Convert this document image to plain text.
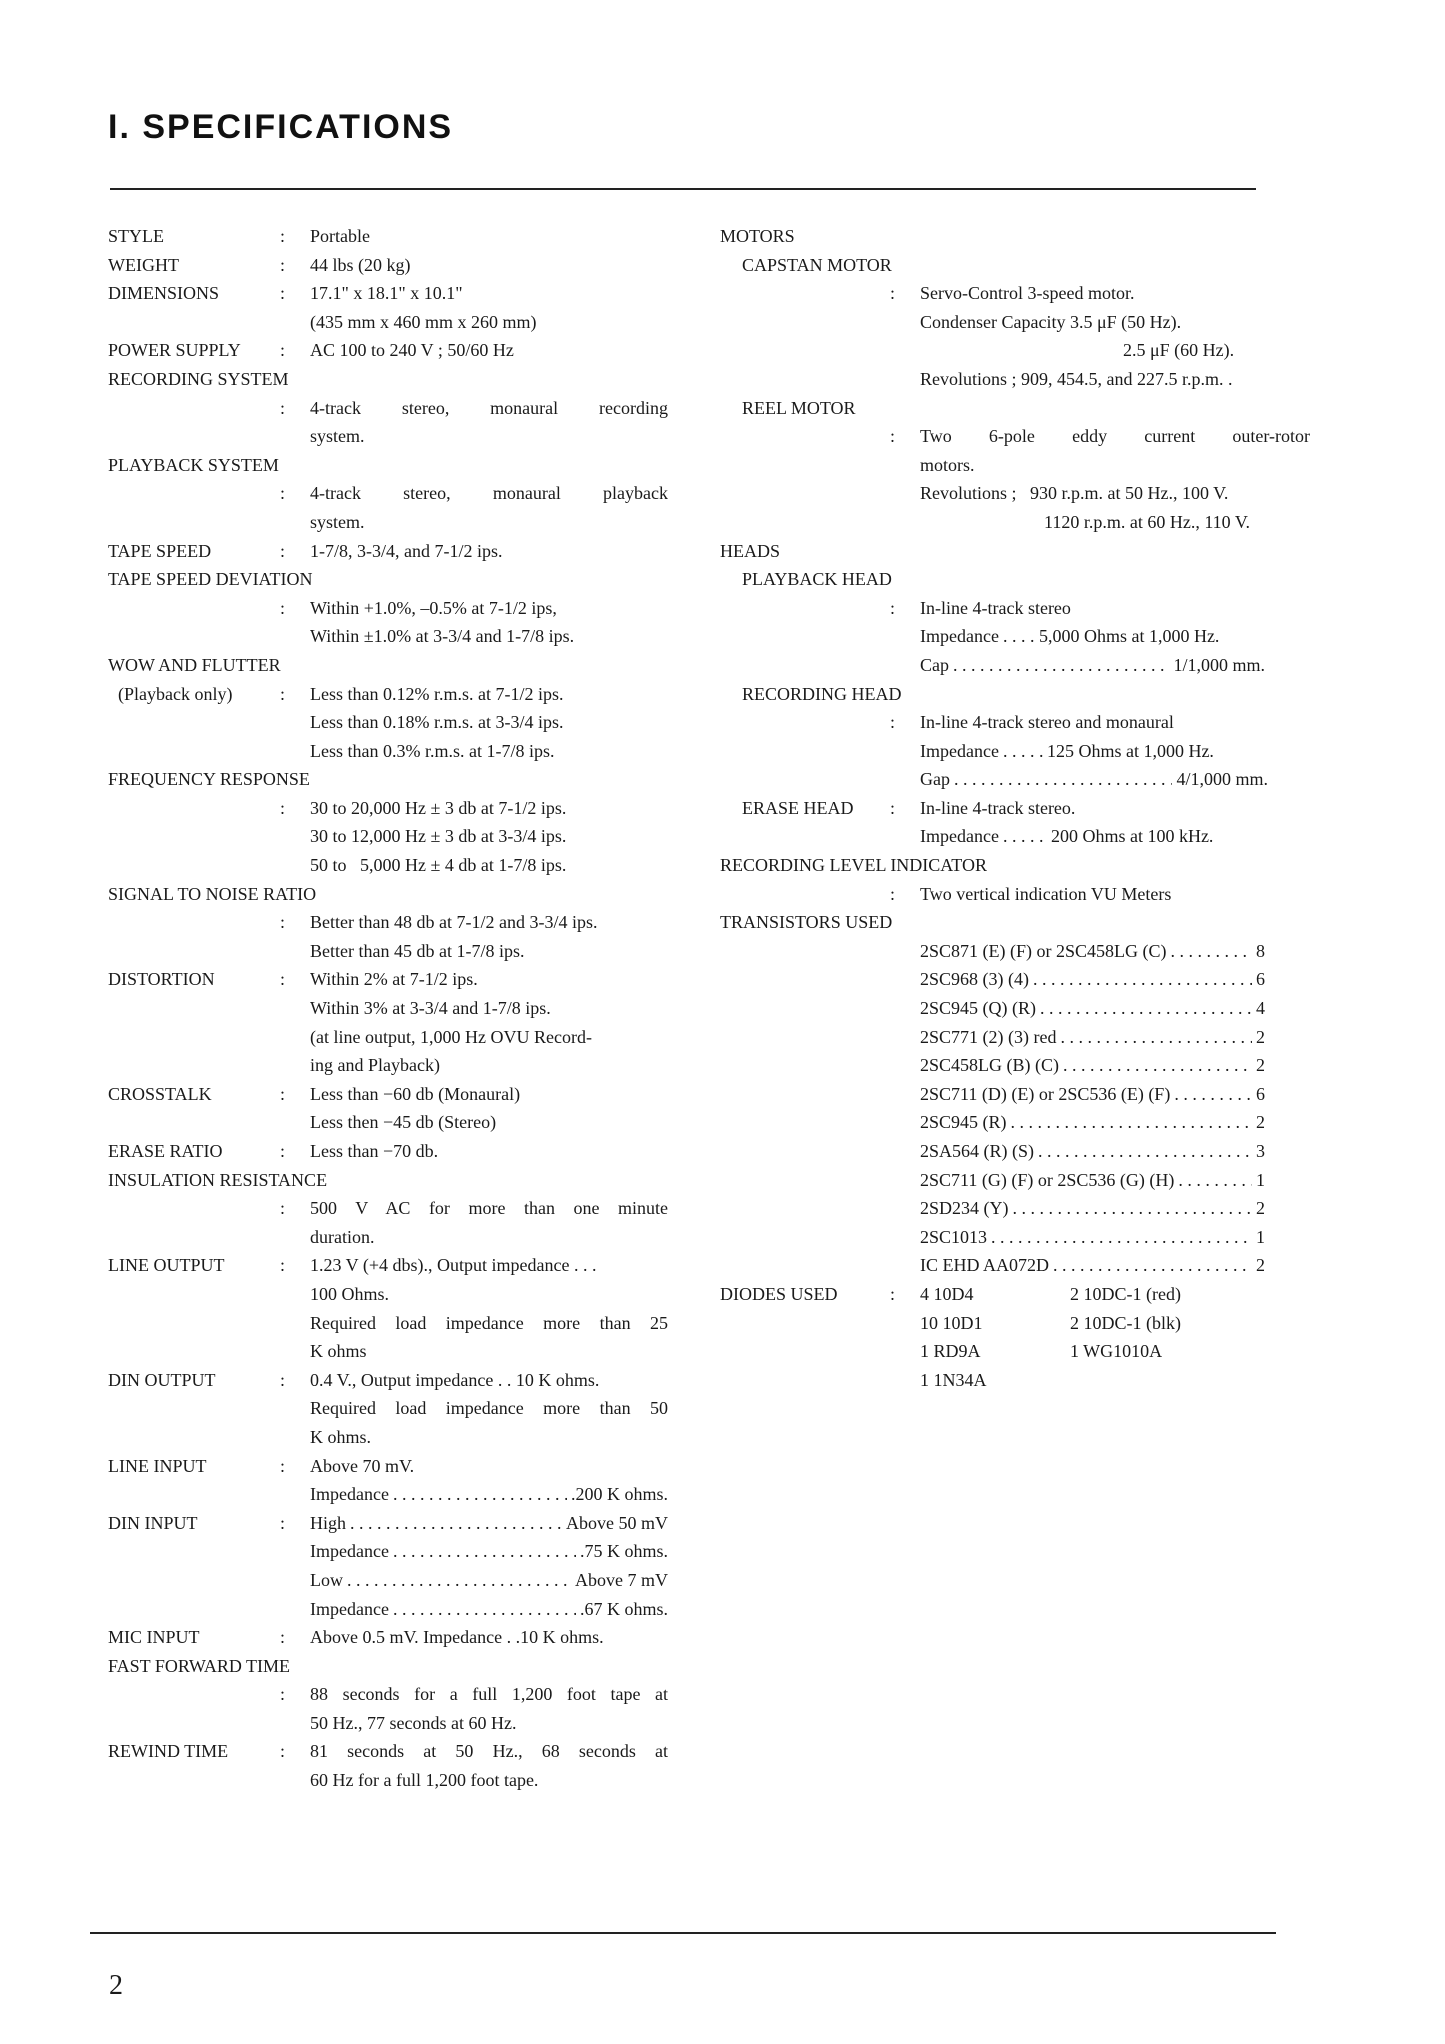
I. SPECIFICATIONS
STYLE	:	Portable
WEIGHT	:	44 lbs (20 kg)
DIMENSIONS	:	17.1" x 18.1" x 10.1"
(435 mm x 460 mm x 260 mm)
POWER SUPPLY	:	AC 100 to 240 V ; 50/60 Hz
RECORDING SYSTEM
:	4-track stereo, monaural recording
system.
PLAYBACK SYSTEM
:	4-track stereo, monaural playback
system.
TAPE SPEED	:	1-7/8, 3-3/4, and 7-1/2 ips.
TAPE SPEED DEVIATION
:	Within +1.0%, –0.5% at 7-1/2 ips,
Within ±1.0% at 3-3/4 and 1-7/8 ips.
WOW AND FLUTTER
(Playback only)	:	Less than 0.12% r.m.s. at 7-1/2 ips.
Less than 0.18% r.m.s. at 3-3/4 ips.
Less than 0.3% r.m.s. at 1-7/8 ips.
FREQUENCY RESPONSE
:	30 to 20,000 Hz ± 3 db at 7-1/2 ips.
30 to 12,000 Hz ± 3 db at 3-3/4 ips.
50 to   5,000 Hz ± 4 db at 1-7/8 ips.
SIGNAL TO NOISE RATIO
:	Better than 48 db at 7-1/2 and 3-3/4 ips.
Better than 45 db at 1-7/8 ips.
DISTORTION	:	Within 2% at 7-1/2 ips.
Within 3% at 3-3/4 and 1-7/8 ips.
(at line output, 1,000 Hz OVU Record-
ing and Playback)
CROSSTALK	:	Less than −60 db (Monaural)
Less then −45 db (Stereo)
ERASE RATIO	:	Less than −70 db.
INSULATION RESISTANCE
:	500 V AC for more than one minute
duration.
LINE OUTPUT	:	1.23 V (+4 dbs)., Output impedance . . .
100 Ohms.
Required load impedance more than 25
K ohms
DIN OUTPUT	:	0.4 V., Output impedance . . 10 K ohms.
Required load impedance more than 50
K ohms.
LINE INPUT	:	Above 70 mV.
Impedance . . .	.200 K ohms.
DIN INPUT	:	High . . .	Above 50 mV
Impedance . . .	.75 K ohms.
Low . . .	Above 7 mV
Impedance . . .	.67 K ohms.
MIC INPUT	:	Above 0.5 mV. Impedance . .10 K ohms.
FAST FORWARD TIME
:	88 seconds for a full 1,200 foot tape at
50 Hz., 77 seconds at 60 Hz.
REWIND TIME	:	81 seconds at 50 Hz., 68 seconds at
60 Hz for a full 1,200 foot tape.
MOTORS
CAPSTAN MOTOR
:	Servo-Control 3-speed motor.
Condenser Capacity 3.5 μF (50 Hz).
2.5 μF (60 Hz).
Revolutions ; 909, 454.5, and 227.5 r.p.m. .
REEL MOTOR
:	Two 6-pole eddy current outer-rotor
motors.
Revolutions ;   930 r.p.m. at 50 Hz., 100 V.
1120 r.p.m. at 60 Hz., 110 V.
HEADS
PLAYBACK HEAD
:	In-line 4-track stereo
Impedance . . . 5,000 Ohms at 1,000 Hz.
Cap . . .	1/1,000 mm.
RECORDING HEAD
:	In-line 4-track stereo and monaural
Impedance . . .	125 Ohms at 1,000 Hz.
Gap . . .	4/1,000 mm.
ERASE HEAD	:	In-line 4-track stereo.
Impedance . . .	200 Ohms at 100 kHz.
RECORDING LEVEL INDICATOR
:	Two vertical indication VU Meters
TRANSISTORS USED
2SC871 (E) (F) or 2SC458LG (C) . . .	8
2SC968 (3) (4) . . .	6
2SC945 (Q) (R) . . .	4
2SC771 (2) (3) red . . .	2
2SC458LG (B) (C) . . .	2
2SC711 (D) (E) or 2SC536 (E) (F) . . .	6
2SC945 (R) . . .	2
2SA564 (R) (S) . . .	3
2SC711 (G) (F) or 2SC536 (G) (H) . . .	1
2SD234 (Y) . . .	2
2SC1013 . . .	1
IC EHD AA072D . . .	2
DIODES USED	:	4 10D4	2 10DC-1 (red)
10 10D1	2 10DC-1 (blk)
1 RD9A	1 WG1010A
1 1N34A
2
